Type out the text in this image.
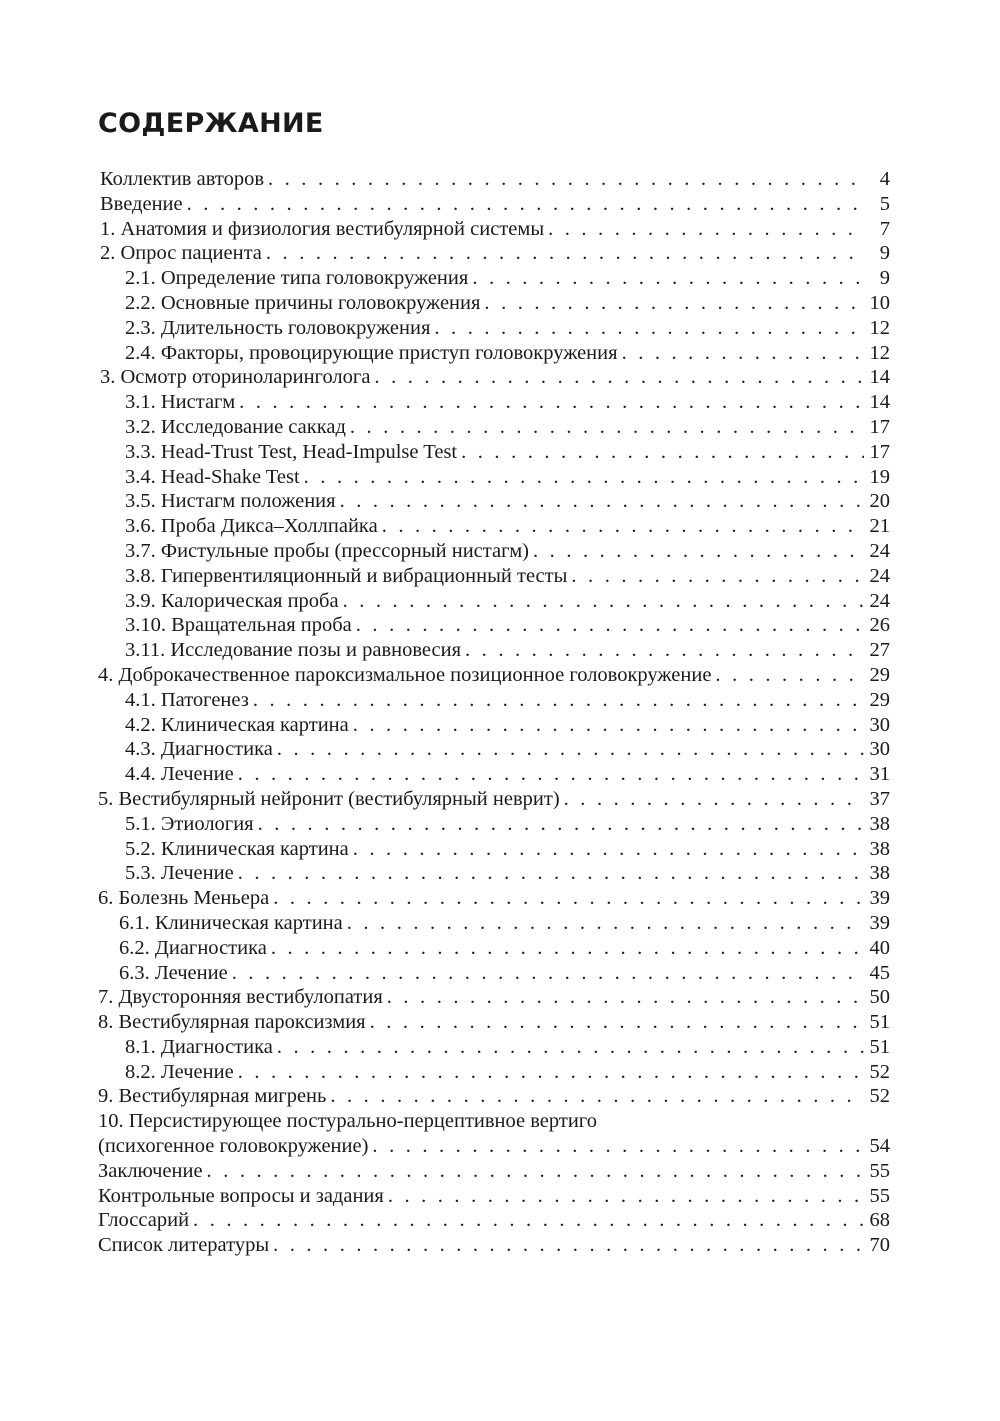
СОДЕРЖАНИЕ
Коллектив авторов . . .	4
Введение . . .	5
1. Анатомия и физиология вестибулярной системы . . .	7
2. Опрос пациента . . .	9
2.1. Определение типа головокружения . . .	9
2.2. Основные причины головокружения . . .	10
2.3. Длительность головокружения . . .	12
2.4. Факторы, провоцирующие приступ головокружения . . .	12
3. Осмотр оториноларинголога . . .	14
3.1. Нистагм . . .	14
3.2. Исследование саккад . . .	17
3.3. Head-Trust Test, Head-Impulse Test . . .	17
3.4. Head-Shake Test . . .	19
3.5. Нистагм положения . . .	20
3.6. Проба Дикса–Холлпайка . . .	21
3.7. Фистульные пробы (прессорный нистагм) . . .	24
3.8. Гипервентиляционный и вибрационный тесты . . .	24
3.9. Калорическая проба . . .	24
3.10. Вращательная проба . . .	26
3.11. Исследование позы и равновесия . . .	27
4. Доброкачественное пароксизмальное позиционное головокружение . . .	29
4.1. Патогенез . . .	29
4.2. Клиническая картина . . .	30
4.3. Диагностика . . .	30
4.4. Лечение . . .	31
5. Вестибулярный нейронит (вестибулярный неврит) . . .	37
5.1. Этиология . . .	38
5.2. Клиническая картина . . .	38
5.3. Лечение . . .	38
6. Болезнь Меньера . . .	39
6.1. Клиническая картина . . .	39
6.2. Диагностика . . .	40
6.3. Лечение . . .	45
7. Двусторонняя вестибулопатия . . .	50
8. Вестибулярная пароксизмия . . .	51
8.1. Диагностика . . .	51
8.2. Лечение . . .	52
9. Вестибулярная мигрень . . .	52
10. Персистирующее постурально-перцептивное вертиго
(психогенное головокружение) . . .	54
Заключение . . .	55
Контрольные вопросы и задания . . .	55
Глоссарий . . .	68
Список литературы . . .	70
